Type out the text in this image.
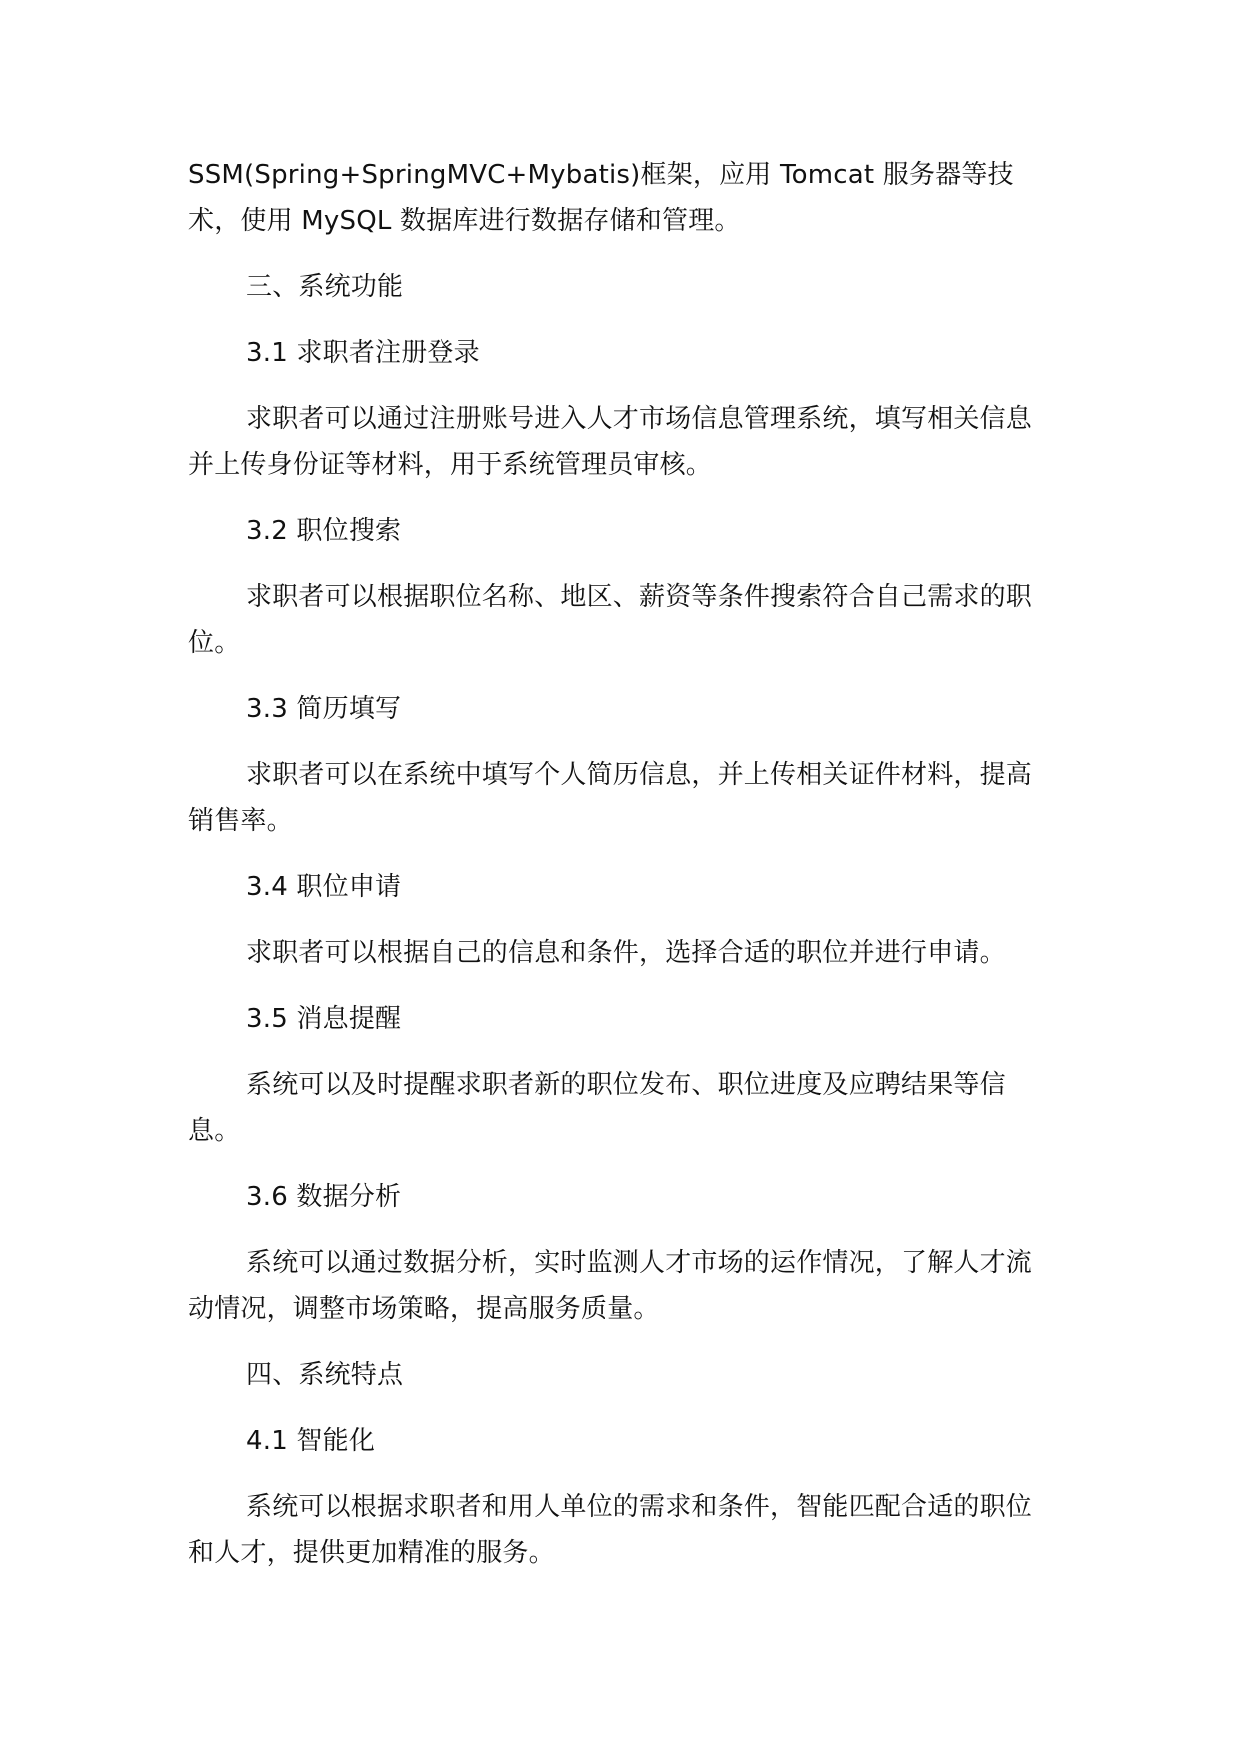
SSM(Spring+SpringMVC+Mybatis)框架，应用 Tomcat 服务器等技术，使用 MySQL 数据库进行数据存储和管理。

三、系统功能

3.1 求职者注册登录

求职者可以通过注册账号进入人才市场信息管理系统，填写相关信息并上传身份证等材料，用于系统管理员审核。

3.2 职位搜索

求职者可以根据职位名称、地区、薪资等条件搜索符合自己需求的职位。

3.3 简历填写

求职者可以在系统中填写个人简历信息，并上传相关证件材料，提高销售率。

3.4 职位申请

求职者可以根据自己的信息和条件，选择合适的职位并进行申请。

3.5 消息提醒

系统可以及时提醒求职者新的职位发布、职位进度及应聘结果等信息。

3.6 数据分析

系统可以通过数据分析，实时监测人才市场的运作情况，了解人才流动情况，调整市场策略，提高服务质量。

四、系统特点

4.1 智能化

系统可以根据求职者和用人单位的需求和条件，智能匹配合适的职位和人才，提供更加精准的服务。
